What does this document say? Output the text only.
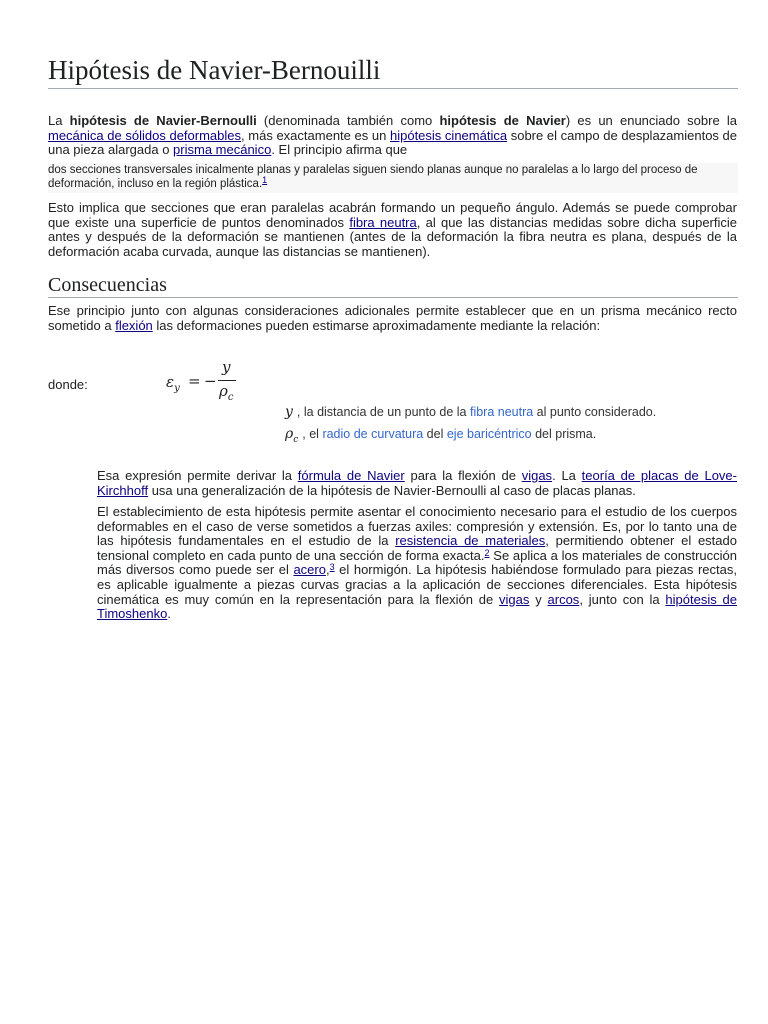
Hipótesis de Navier-Bernouilli

La hipótesis de Navier-Bernoulli (denominada también como hipótesis de Navier) es un enunciado sobre la mecánica de sólidos deformables, más exactamente es un hipótesis cinemática sobre el campo de desplazamientos de una pieza alargada o prisma mecánico. El principio afirma que

dos secciones transversales inicalmente planas y paralelas siguen siendo planas aunque no paralelas a lo largo del proceso de deformación, incluso en la región plástica.$^1$

Esto implica que secciones que eran paralelas acabrán formando un pequeño ángulo. Además se puede comprobar que existe una superficie de puntos denominados fibra neutra, al que las distancias medidas sobre dicha superficie antes y después de la deformación se mantienen (antes de la deformación la fibra neutra es plana, después de la deformación acaba curvada, aunque las distancias se mantienen).

Consecuencias

Ese principio junto con algunas consideraciones adicionales permite establecer que en un prisma mecánico recto sometido a flexión las deformaciones pueden estimarse aproximadamente mediante la relación:

donde:	$\varepsilon_y$ = −
y
$\rho_c$
y , la distancia de un punto de la fibra neutra al punto considerado.
$\rho_c$ , el radio de curvatura del eje baricéntrico del prisma.

Esa expresión permite derivar la fórmula de Navier para la flexión de vigas. La teoría de placas de Love-Kirchhoff usa una generalización de la hipótesis de Navier-Bernoulli al caso de placas planas.

El establecimiento de esta hipótesis permite asentar el conocimiento necesario para el estudio de los cuerpos deformables en el caso de verse sometidos a fuerzas axiles: compresión y extensión. Es, por lo tanto una de las hipótesis fundamentales en el estudio de la resistencia de materiales, permitiendo obtener el estado tensional completo en cada punto de una sección de forma exacta.$^2$ Se aplica a los materiales de construcción más diversos como puede ser el acero,$^3$ el hormigón. La hipótesis habiéndose formulado para piezas rectas, es aplicable igualmente a piezas curvas gracias a la aplicación de secciones diferenciales. Esta hipótesis cinemática es muy común en la representación para la flexión de vigas y arcos, junto con la hipótesis de Timoshenko.
